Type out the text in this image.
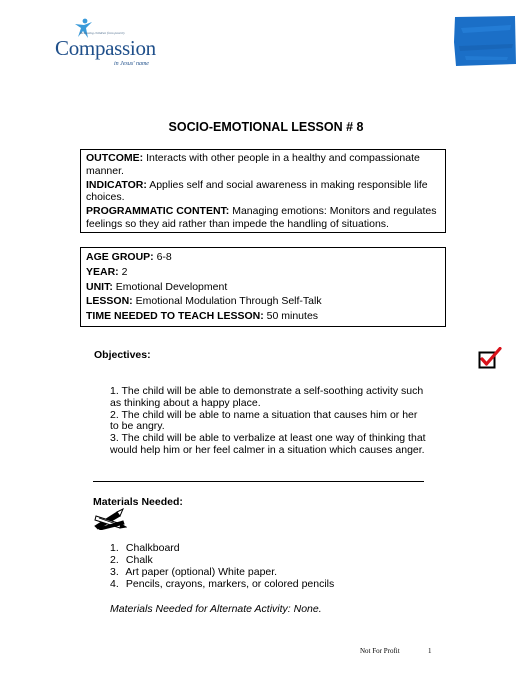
Releasing children from poverty
Compassion
in Jesus' name
SOCIO-EMOTIONAL LESSON # 8
OUTCOME: Interacts with other people in a healthy and compassionate manner.
INDICATOR: Applies self and social awareness in making responsible life choices.
PROGRAMMATIC CONTENT: Managing emotions: Monitors and regulates feelings so they aid rather than impede the handling of situations.
AGE GROUP: 6-8
YEAR: 2
UNIT: Emotional Development
LESSON: Emotional Modulation Through Self-Talk
TIME NEEDED TO TEACH LESSON: 50 minutes
Objectives:
1. The child will be able to demonstrate a self-soothing activity such as thinking about a happy place.
2. The child will be able to name a situation that causes him or her to be angry.
3. The child will be able to verbalize at least one way of thinking that would help him or her feel calmer in a situation which causes anger.
Materials Needed:
1. Chalkboard
2. Chalk
3. Art paper (optional) White paper.
4. Pencils, crayons, markers, or colored pencils
Materials Needed for Alternate Activity: None.
Not For Profit	1
